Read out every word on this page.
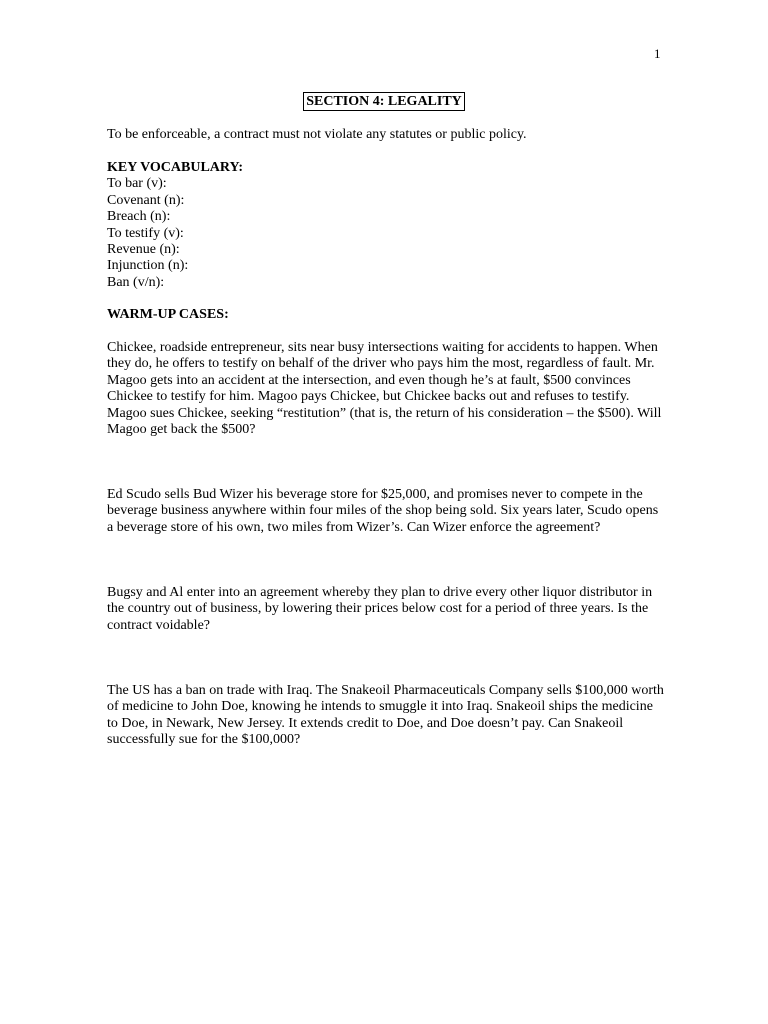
1
SECTION 4: LEGALITY

To be enforceable, a contract must not violate any statutes or public policy.

KEY VOCABULARY:
To bar (v):
Covenant (n):
Breach (n):
To testify (v):
Revenue (n):
Injunction (n):
Ban (v/n):
WARM-UP CASES:

Chickee, roadside entrepreneur, sits near busy intersections waiting for accidents to happen. When they do, he offers to testify on behalf of the driver who pays him the most, regardless of fault. Mr. Magoo gets into an accident at the intersection, and even though he’s at fault, $500 convinces Chickee to testify for him. Magoo pays Chickee, but Chickee backs out and refuses to testify. Magoo sues Chickee, seeking “restitution” (that is, the return of his consideration – the $500). Will Magoo get back the $500?

Ed Scudo sells Bud Wizer his beverage store for $25,000, and promises never to compete in the beverage business anywhere within four miles of the shop being sold. Six years later, Scudo opens a beverage store of his own, two miles from Wizer’s. Can Wizer enforce the agreement?

Bugsy and Al enter into an agreement whereby they plan to drive every other liquor distributor in the country out of business, by lowering their prices below cost for a period of three years. Is the contract voidable?

The US has a ban on trade with Iraq. The Snakeoil Pharmaceuticals Company sells $100,000 worth of medicine to John Doe, knowing he intends to smuggle it into Iraq. Snakeoil ships the medicine to Doe, in Newark, New Jersey. It extends credit to Doe, and Doe doesn’t pay. Can Snakeoil successfully sue for the $100,000?
